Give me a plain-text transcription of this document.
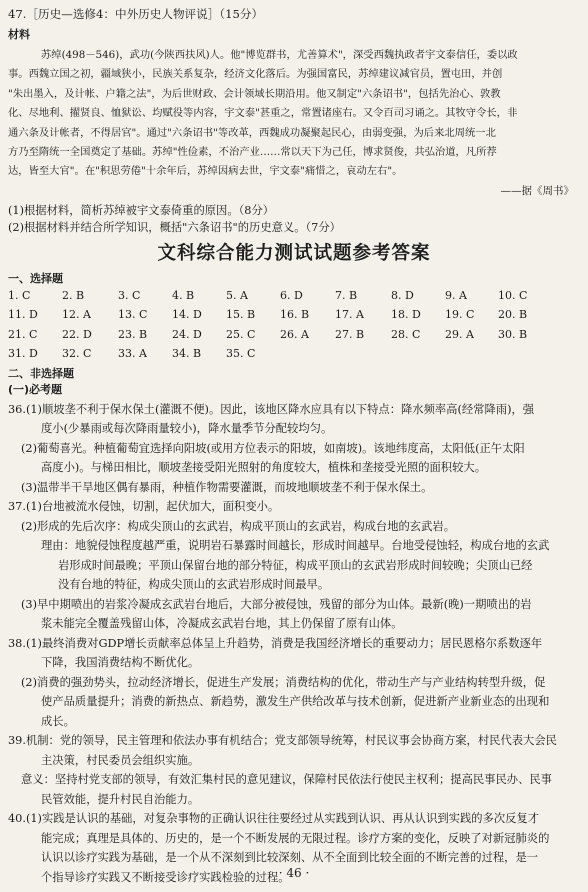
47.［历史—选修4：中外历史人物评说］（15分）
材料
苏绰(498－546)，武功(今陕西扶风)人。他"博览群书，尤善算术"，深受西魏执政者宇文泰信任，委以政
事。西魏立国之初，疆域狭小，民族关系复杂，经济文化落后。为强国富民，苏绰建议减官员，置屯田，并创
"朱出墨入，及计帐、户籍之法"，为后世财政、会计领域长期沿用。他又制定"六条诏书"，包括先治心、敦教
化、尽地利、擢贤良、恤狱讼、均赋役等内容，宇文泰"甚重之，常置诸座右。又令百司习诵之。其牧守令长，非
通六条及计帐者，不得居官"。通过"六条诏书"等改革，西魏成功凝聚起民心，由弱变强，为后来北周统一北
方乃至隋统一全国奠定了基础。苏绰"性俭素，不治产业……常以天下为己任，博求贤俊，共弘治道，凡所荐
达，皆至大官"。在"积思劳倦"十余年后，苏绰因病去世，宇文泰"痛惜之，哀动左右"。
——据《周书》
(1)根据材料，简析苏绰被宇文泰倚重的原因。（8分）
(2)根据材料并结合所学知识，概括"六条诏书"的历史意义。（7分）
文科综合能力测试试题参考答案
一、选择题
1. C	2. B	3. C	4. B	5. A	6. D	7. B	8. D	9. A	10. C
11. D 12. A 13. C 14. D 15. B 16. B 17. A 18. D 19. C 20. B
21. C 22. D 23. B 24. D 25. C 26. A 27. B 28. C 29. A 30. B
31. D 32. C 33. A 34. B 35. C
二、非选择题
(一)必考题
36.(1)顺坡垄不利于保水保土(灌溉不便)。因此，该地区降水应具有以下特点：降水频率高(经常降雨)，强
度小(少暴雨或每次降雨量较小)，降水量季节分配较均匀。
(2)葡萄喜光。种植葡萄宜选择向阳坡(或用方位表示的阳坡，如南坡)。该地纬度高，太阳低(正午太阳
高度小)。与梯田相比，顺坡垄接受阳光照射的角度较大，植株和垄接受光照的面积较大。
(3)温带半干旱地区偶有暴雨，种植作物需要灌溉，而坡地顺坡垄不利于保水保土。
37.(1)台地被流水侵蚀，切割，起伏加大，面积变小。
(2)形成的先后次序：构成尖顶山的玄武岩，构成平顶山的玄武岩，构成台地的玄武岩。
理由：地貌侵蚀程度越严重，说明岩石暴露时间越长，形成时间越早。台地受侵蚀轻，构成台地的玄武
岩形成时间最晚；平顶山保留台地的部分特征，构成平顶山的玄武岩形成时间较晚；尖顶山已经
没有台地的特征，构成尖顶山的玄武岩形成时间最早。
(3)早中期喷出的岩浆冷凝成玄武岩台地后，大部分被侵蚀，残留的部分为山体。最新(晚)一期喷出的岩
浆未能完全覆盖残留山体，冷凝成玄武岩台地，其上仍保留了原有山体。
38.(1)最终消费对GDP增长贡献率总体呈上升趋势，消费是我国经济增长的重要动力；居民恩格尔系数逐年
下降，我国消费结构不断优化。
(2)消费的强劲势头，拉动经济增长，促进生产发展；消费结构的优化，带动生产与产业结构转型升级，促
使产品质量提升；消费的新热点、新趋势，激发生产供给改革与技术创新，促进新产业新业态的出现和
成长。
39.机制：党的领导，民主管理和依法办事有机结合；党支部领导统筹，村民议事会协商方案，村民代表大会民
主决策，村民委员会组织实施。
意义：坚持村党支部的领导，有效汇集村民的意见建议，保障村民依法行使民主权利；提高民事民办、民事
民管效能，提升村民自治能力。
40.(1)实践是认识的基础，对复杂事物的正确认识往往要经过从实践到认识、再从认识到实践的多次反复才
能完成；真理是具体的、历史的，是一个不断发展的无限过程。诊疗方案的变化，反映了对新冠肺炎的
认识以诊疗实践为基础，是一个从不深刻到比较深刻、从不全面到比较全面的不断完善的过程，是一
个指导诊疗实践又不断接受诊疗实践检验的过程。
· 46 ·
